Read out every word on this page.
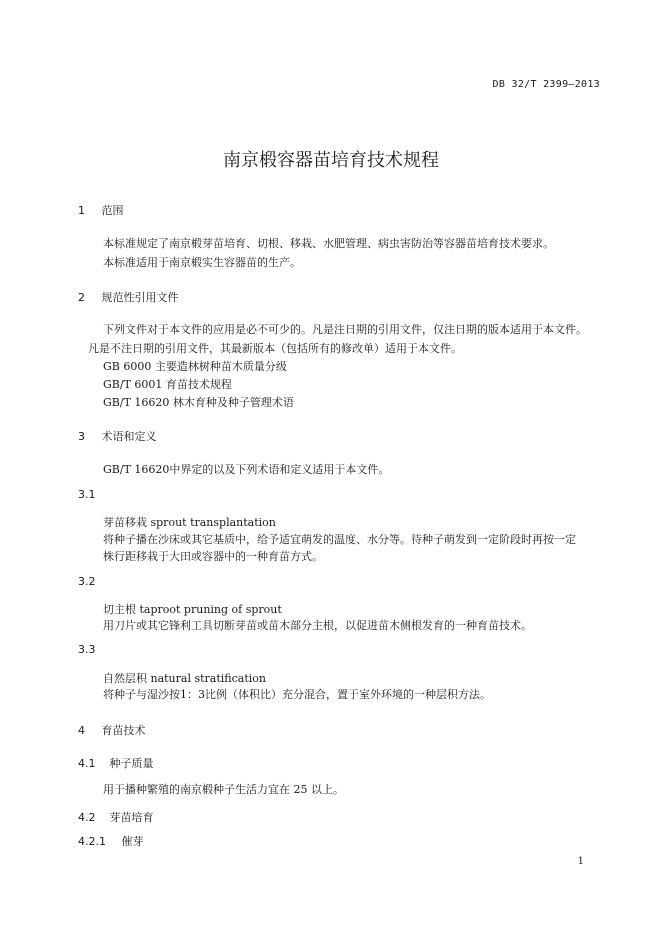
DB 32/T 2399—2013
南京椴容器苗培育技术规程
1 范围
本标准规定了南京椴芽苗培育、切根、移栽、水肥管理、病虫害防治等容器苗培育技术要求。
本标准适用于南京椴实生容器苗的生产。
2 规范性引用文件
下列文件对于本文件的应用是必不可少的。凡是注日期的引用文件，仅注日期的版本适用于本文件。
凡是不注日期的引用文件，其最新版本（包括所有的修改单）适用于本文件。
GB 6000 主要造林树种苗木质量分级
GB/T 6001 育苗技术规程
GB/T 16620 林木育种及种子管理术语
3 术语和定义
GB/T 16620中界定的以及下列术语和定义适用于本文件。
3.1
芽苗移栽 sprout transplantation
将种子播在沙床或其它基质中，给予适宜萌发的温度、水分等。待种子萌发到一定阶段时再按一定
株行距移栽于大田或容器中的一种育苗方式。
3.2
切主根 taproot pruning of sprout
用刀片或其它锋利工具切断芽苗或苗木部分主根，以促进苗木侧根发育的一种育苗技术。
3.3
自然层积 natural stratification
将种子与湿沙按1：3比例（体积比）充分混合，置于室外环境的一种层积方法。
4 育苗技术
4.1 种子质量
用于播种繁殖的南京椴种子生活力宜在 25 以上。
4.2 芽苗培育
4.2.1 催芽
1
